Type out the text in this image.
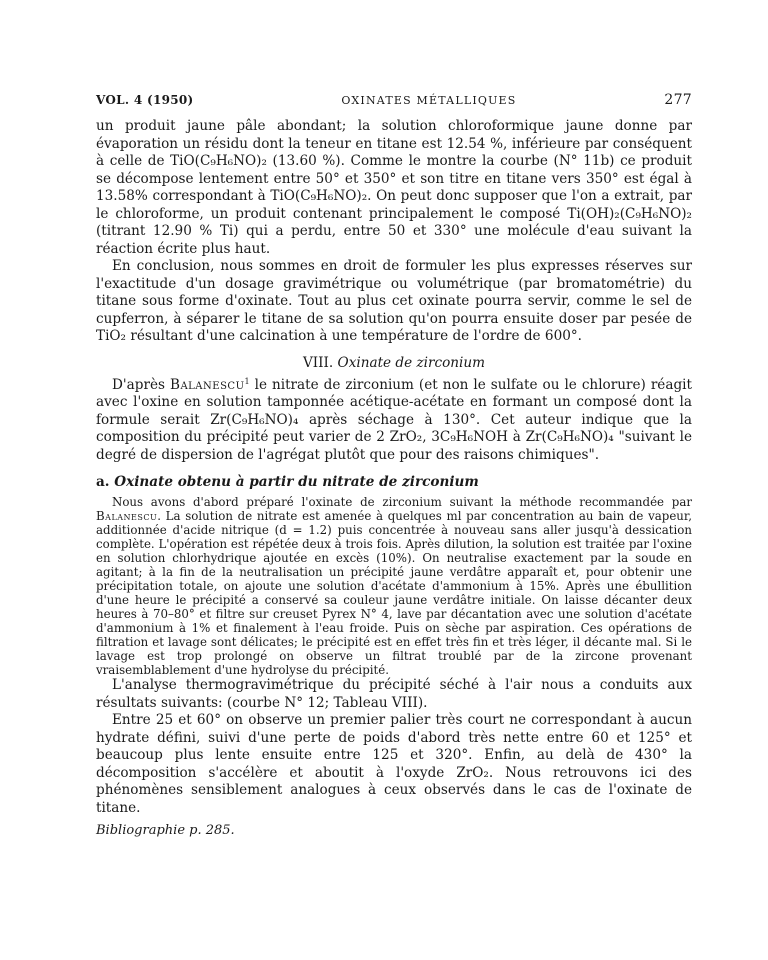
VOL. 4 (1950)	OXINATES MÉTALLIQUES	277

un produit jaune pâle abondant; la solution chloroformique jaune donne par évaporation un résidu dont la teneur en titane est 12.54 %, inférieure par conséquent à celle de TiO(C₉H₆NO)₂ (13.60 %). Comme le montre la courbe (N° 11b) ce produit se décompose lentement entre 50° et 350° et son titre en titane vers 350° est égal à 13.58% correspondant à TiO(C₉H₆NO)₂. On peut donc supposer que l'on a extrait, par le chloroforme, un produit contenant principalement le composé Ti(OH)₂(C₉H₆NO)₂ (titrant 12.90 % Ti) qui a perdu, entre 50 et 330° une molécule d'eau suivant la réaction écrite plus haut.

En conclusion, nous sommes en droit de formuler les plus expresses réserves sur l'exactitude d'un dosage gravimétrique ou volumétrique (par bromatométrie) du titane sous forme d'oxinate. Tout au plus cet oxinate pourra servir, comme le sel de cupferron, à séparer le titane de sa solution qu'on pourra ensuite doser par pesée de TiO₂ résultant d'une calcination à une température de l'ordre de 600°.

VIII. Oxinate de zirconium

D'après Balanescu$^1$ le nitrate de zirconium (et non le sulfate ou le chlorure) réagit avec l'oxine en solution tamponnée acétique-acétate en formant un composé dont la formule serait Zr(C₉H₆NO)₄ après séchage à 130°. Cet auteur indique que la composition du précipité peut varier de 2 ZrO₂, 3C₉H₆NOH à Zr(C₉H₆NO)₄ "suivant le degré de dispersion de l'agrégat plutôt que pour des raisons chimiques".

a. Oxinate obtenu à partir du nitrate de zirconium

Nous avons d'abord préparé l'oxinate de zirconium suivant la méthode recommandée par Balanescu. La solution de nitrate est amenée à quelques ml par concentration au bain de vapeur, additionnée d'acide nitrique (d = 1.2) puis concentrée à nouveau sans aller jusqu'à dessication complète. L'opération est répétée deux à trois fois. Après dilution, la solution est traitée par l'oxine en solution chlorhydrique ajoutée en excès (10%). On neutralise exactement par la soude en agitant; à la fin de la neutralisation un précipité jaune verdâtre apparaît et, pour obtenir une précipitation totale, on ajoute une solution d'acétate d'ammonium à 15%. Après une ébullition d'une heure le précipité a conservé sa couleur jaune verdâtre initiale. On laisse décanter deux heures à 70–80° et filtre sur creuset Pyrex N° 4, lave par décantation avec une solution d'acétate d'ammonium à 1% et finalement à l'eau froide. Puis on sèche par aspiration. Ces opérations de filtration et lavage sont délicates; le précipité est en effet très fin et très léger, il décante mal. Si le lavage est trop prolongé on observe un filtrat troublé par de la zircone provenant vraisemblablement d'une hydrolyse du précipité.

L'analyse thermogravimétrique du précipité séché à l'air nous a conduits aux résultats suivants: (courbe N° 12; Tableau VIII).

Entre 25 et 60° on observe un premier palier très court ne correspondant à aucun hydrate défini, suivi d'une perte de poids d'abord très nette entre 60 et 125° et beaucoup plus lente ensuite entre 125 et 320°. Enfin, au delà de 430° la décomposition s'accélère et aboutit à l'oxyde ZrO₂. Nous retrouvons ici des phénomènes sensiblement analogues à ceux observés dans le cas de l'oxinate de titane.

Bibliographie p. 285.
